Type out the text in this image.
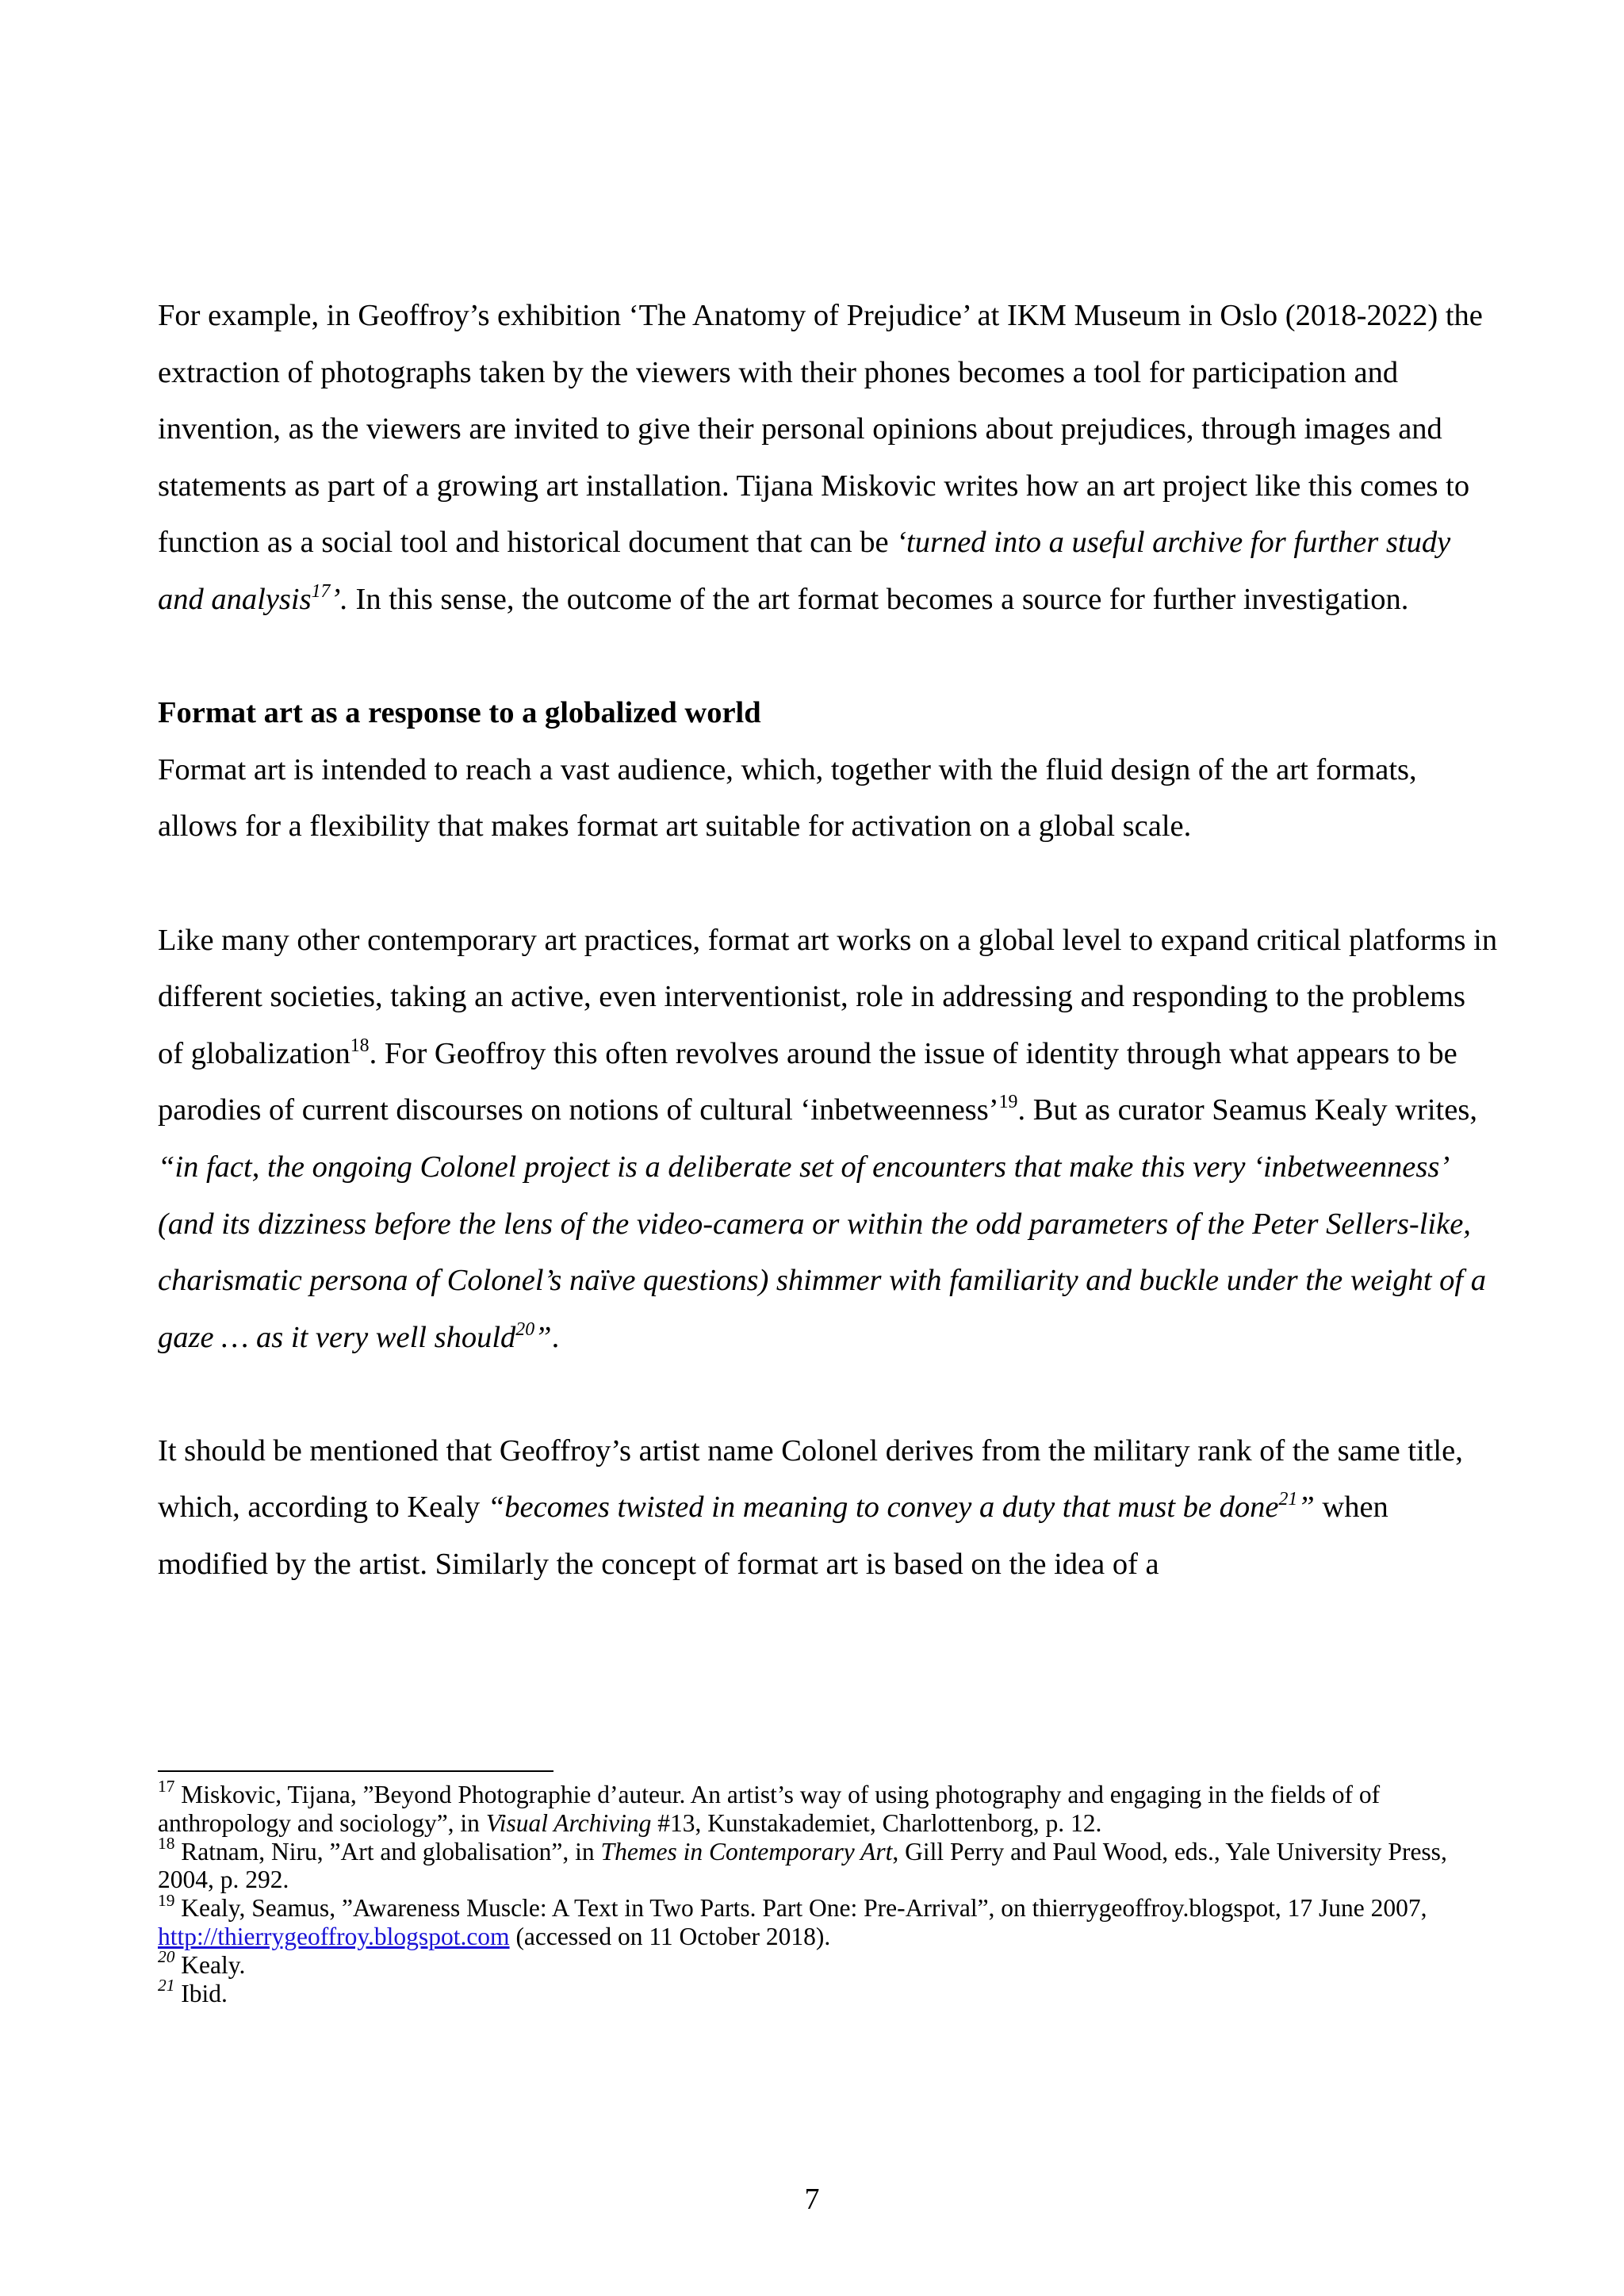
For example, in Geoffroy’s exhibition ‘The Anatomy of Prejudice’ at IKM Museum in Oslo (2018-2022) the extraction of photographs taken by the viewers with their phones becomes a tool for participation and invention, as the viewers are invited to give their personal opinions about prejudices, through images and statements as part of a growing art installation. Tijana Miskovic writes how an art project like this comes to function as a social tool and historical document that can be ‘turned into a useful archive for further study and analysis$^{17}$’. In this sense, the outcome of the art format becomes a source for further investigation.

Format art as a response to a globalized world

Format art is intended to reach a vast audience, which, together with the fluid design of the art formats, allows for a flexibility that makes format art suitable for activation on a global scale.

Like many other contemporary art practices, format art works on a global level to expand critical platforms in different societies, taking an active, even interventionist, role in addressing and responding to the problems of globalization$^{18}$. For Geoffroy this often revolves around the issue of identity through what appears to be parodies of current discourses on notions of cultural ‘inbetweenness’$^{19}$. But as curator Seamus Kealy writes, “in fact, the ongoing Colonel project is a deliberate set of encounters that make this very ‘inbetweenness’ (and its dizziness before the lens of the video-camera or within the odd parameters of the Peter Sellers-like, charismatic persona of Colonel’s naïve questions) shimmer with familiarity and buckle under the weight of a gaze … as it very well should$^{20}$”.

It should be mentioned that Geoffroy’s artist name Colonel derives from the military rank of the same title, which, according to Kealy “becomes twisted in meaning to convey a duty that must be done$^{21}$” when modified by the artist. Similarly the concept of format art is based on the idea of a

$^{17}$ Miskovic, Tijana, ”Beyond Photographie d’auteur. An artist’s way of using photography and engaging in the fields of of anthropology and sociology”, in Visual Archiving #13, Kunstakademiet, Charlottenborg, p. 12.

$^{18}$ Ratnam, Niru, ”Art and globalisation”, in Themes in Contemporary Art, Gill Perry and Paul Wood, eds., Yale University Press, 2004, p. 292.

$^{19}$ Kealy, Seamus, ”Awareness Muscle: A Text in Two Parts. Part One: Pre-Arrival”, on thierrygeoffroy.blogspot, 17 June 2007, http://thierrygeoffroy.blogspot.com (accessed on 11 October 2018).

$^{20}$ Kealy.

$^{21}$ Ibid.

7
